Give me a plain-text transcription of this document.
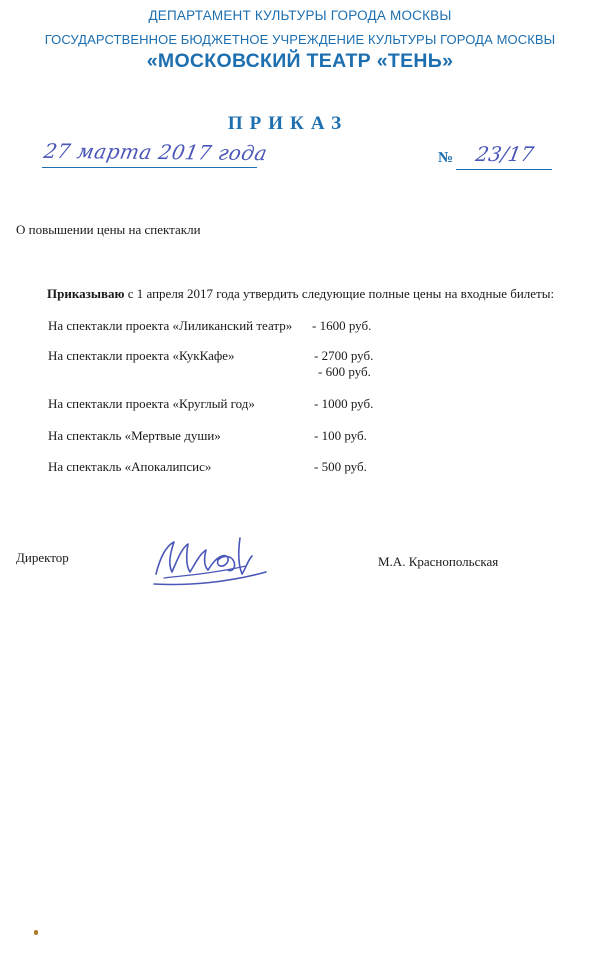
ДЕПАРТАМЕНТ КУЛЬТУРЫ ГОРОДА МОСКВЫ
ГОСУДАРСТВЕННОЕ БЮДЖЕТНОЕ УЧРЕЖДЕНИЕ КУЛЬТУРЫ ГОРОДА МОСКВЫ
«МОСКОВСКИЙ ТЕАТР «ТЕНЬ»
ПРИКАЗ
27 марта 2017 года	№ 23/17
О повышении цены на спектакли
Приказываю с 1 апреля 2017 года утвердить следующие полные цены на входные билеты:
На спектакли проекта «Лиликанский театр» - 1600 руб.
На спектакли проекта «КукКафе»	- 2700 руб.
- 600 руб.
На спектакли проекта «Круглый год»	- 1000 руб.
На спектакль «Мертвые души»	- 100 руб.
На спектакль «Апокалипсис»	- 500 руб.
Директор	М.А. Краснопольская
